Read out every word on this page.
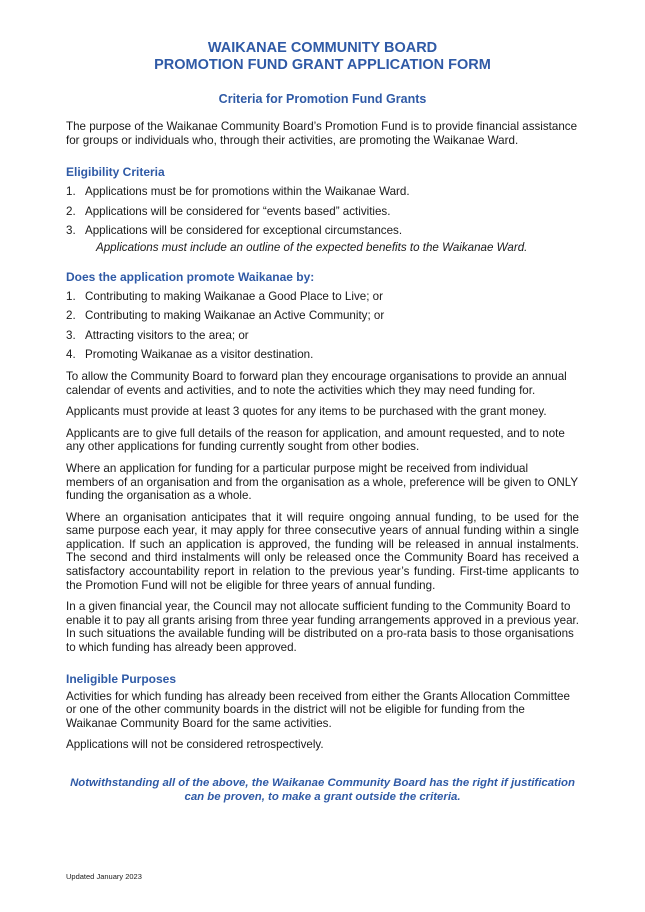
WAIKANAE COMMUNITY BOARD
PROMOTION FUND GRANT APPLICATION FORM
Criteria for Promotion Fund Grants

The purpose of the Waikanae Community Board’s Promotion Fund is to provide financial assistance for groups or individuals who, through their activities, are promoting the Waikanae Ward.

Eligibility Criteria
1. Applications must be for promotions within the Waikanae Ward.
2. Applications will be considered for “events based” activities.
3. Applications will be considered for exceptional circumstances.

Applications must include an outline of the expected benefits to the Waikanae Ward.

Does the application promote Waikanae by:
1. Contributing to making Waikanae a Good Place to Live; or
2. Contributing to making Waikanae an Active Community; or
3. Attracting visitors to the area; or
4. Promoting Waikanae as a visitor destination.

To allow the Community Board to forward plan they encourage organisations to provide an annual calendar of events and activities, and to note the activities which they may need funding for.

Applicants must provide at least 3 quotes for any items to be purchased with the grant money.

Applicants are to give full details of the reason for application, and amount requested, and to note any other applications for funding currently sought from other bodies.

Where an application for funding for a particular purpose might be received from individual members of an organisation and from the organisation as a whole, preference will be given to ONLY funding the organisation as a whole.

Where an organisation anticipates that it will require ongoing annual funding, to be used for the same purpose each year, it may apply for three consecutive years of annual funding within a single application. If such an application is approved, the funding will be released in annual instalments. The second and third instalments will only be released once the Community Board has received a satisfactory accountability report in relation to the previous year’s funding. First-time applicants to the Promotion Fund will not be eligible for three years of annual funding.

In a given financial year, the Council may not allocate sufficient funding to the Community Board to enable it to pay all grants arising from three year funding arrangements approved in a previous year. In such situations the available funding will be distributed on a pro-rata basis to those organisations to which funding has already been approved.

Ineligible Purposes

Activities for which funding has already been received from either the Grants Allocation Committee or one of the other community boards in the district will not be eligible for funding from the Waikanae Community Board for the same activities.

Applications will not be considered retrospectively.

Notwithstanding all of the above, the Waikanae Community Board has the right if justification can be proven, to make a grant outside the criteria.

Updated January 2023
